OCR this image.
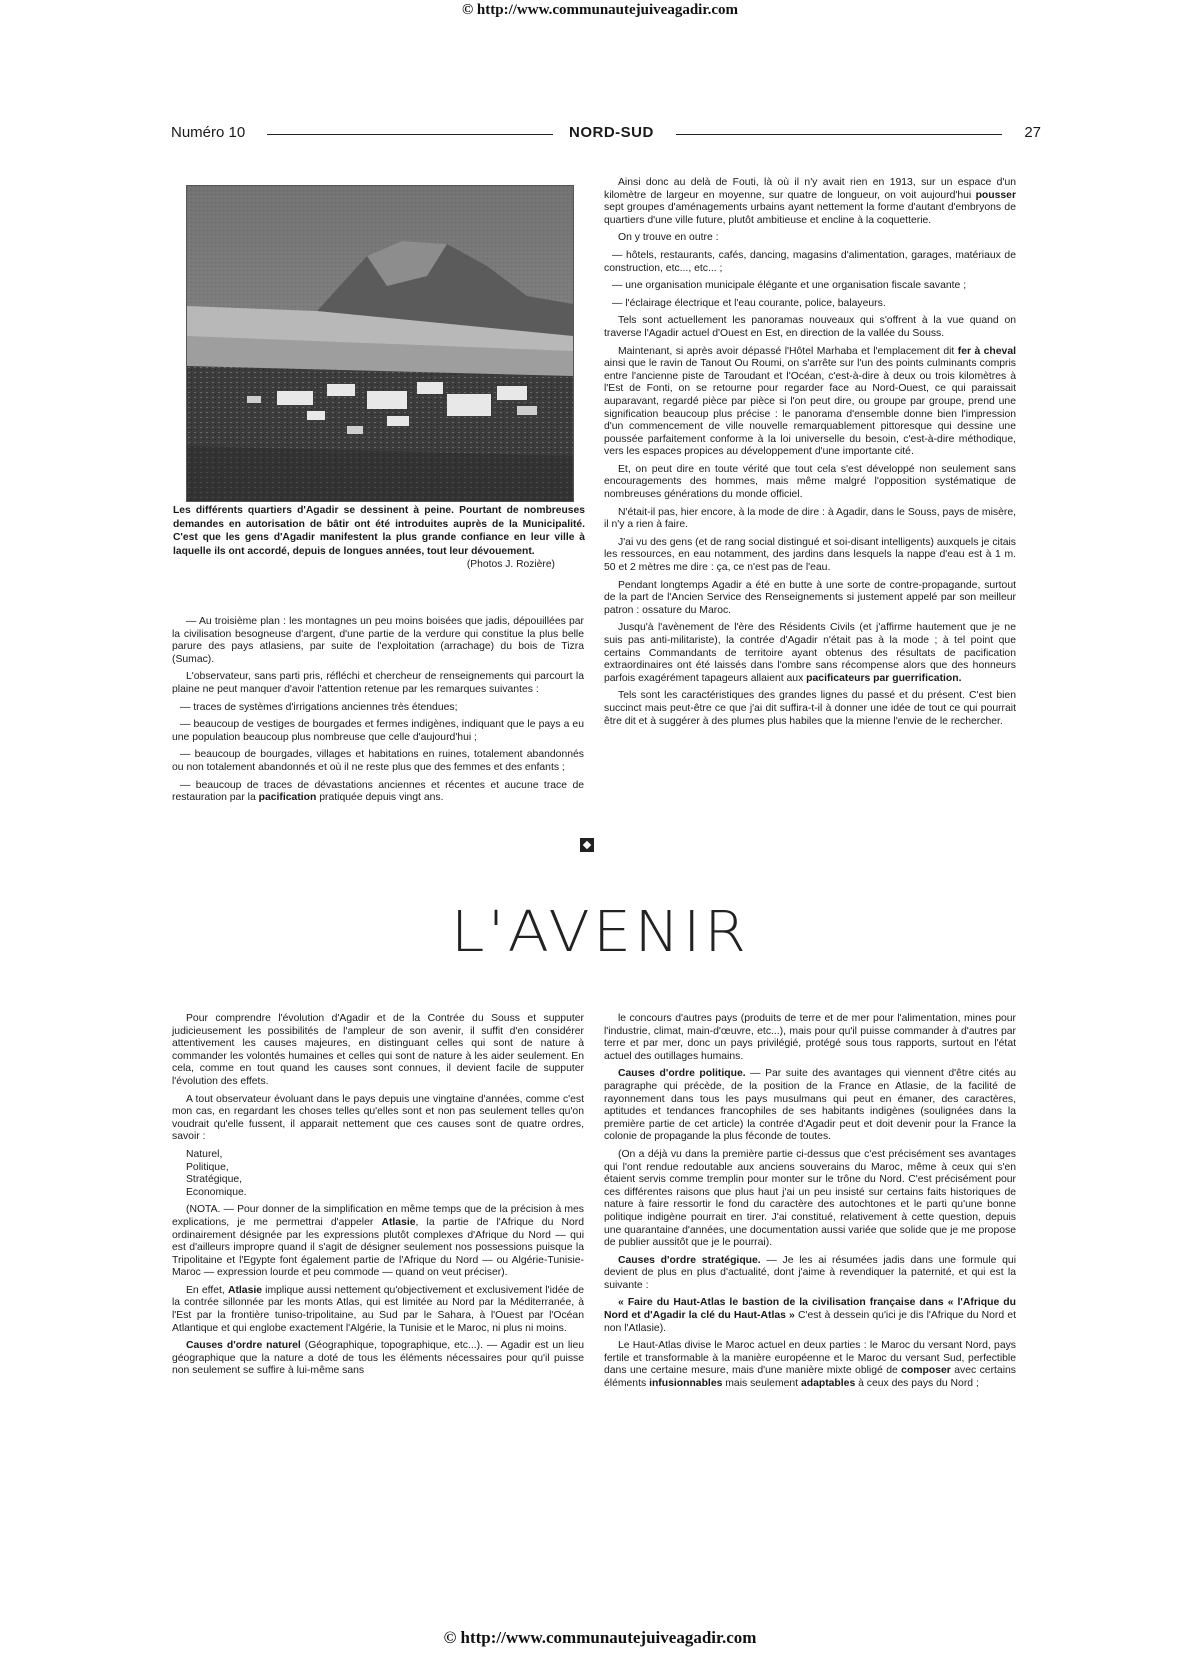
© http://www.communautejuiveagadir.com
Numéro 10	NORD-SUD	27
Les différents quartiers d'Agadir se dessinent à peine. Pourtant de nombreuses demandes en autorisation de bâtir ont été introduites auprès de la Municipalité. C'est que les gens d'Agadir manifestent la plus grande confiance en leur ville à laquelle ils ont accordé, depuis de longues années, tout leur dévouement.
(Photos J. Rozière)

— Au troisième plan : les montagnes un peu moins boisées que jadis, dépouillées par la civilisation besogneuse d'argent, d'une partie de la verdure qui constitue la plus belle parure des pays atlasiens, par suite de l'exploitation (arrachage) du bois de Tizra (Sumac).

L'observateur, sans parti pris, réfléchi et chercheur de renseignements qui parcourt la plaine ne peut manquer d'avoir l'attention retenue par les remarques suivantes :

— traces de systèmes d'irrigations anciennes très étendues;

— beaucoup de vestiges de bourgades et fermes indigènes, indiquant que le pays a eu une population beaucoup plus nombreuse que celle d'aujourd'hui ;

— beaucoup de bourgades, villages et habitations en ruines, totalement abandonnés ou non totalement abandonnés et où il ne reste plus que des femmes et des enfants ;

— beaucoup de traces de dévastations anciennes et récentes et aucune trace de restauration par la pacification pratiquée depuis vingt ans.

Ainsi donc au delà de Fouti, là où il n'y avait rien en 1913, sur un espace d'un kilomètre de largeur en moyenne, sur quatre de longueur, on voit aujourd'hui pousser sept groupes d'aménagements urbains ayant nettement la forme d'autant d'embryons de quartiers d'une ville future, plutôt ambitieuse et encline à la coquetterie.

On y trouve en outre :

— hôtels, restaurants, cafés, dancing, magasins d'alimentation, garages, matériaux de construction, etc..., etc... ;

— une organisation municipale élégante et une organisation fiscale savante ;

— l'éclairage électrique et l'eau courante, police, balayeurs.

Tels sont actuellement les panoramas nouveaux qui s'offrent à la vue quand on traverse l'Agadir actuel d'Ouest en Est, en direction de la vallée du Souss.

Maintenant, si après avoir dépassé l'Hôtel Marhaba et l'emplacement dit fer à cheval ainsi que le ravin de Tanout Ou Roumi, on s'arrête sur l'un des points culminants compris entre l'ancienne piste de Taroudant et l'Océan, c'est-à-dire à deux ou trois kilomètres à l'Est de Fonti, on se retourne pour regarder face au Nord-Ouest, ce qui paraissait auparavant, regardé pièce par pièce si l'on peut dire, ou groupe par groupe, prend une signification beaucoup plus précise : le panorama d'ensemble donne bien l'impression d'un commencement de ville nouvelle remarquablement pittoresque qui dessine une poussée parfaitement conforme à la loi universelle du besoin, c'est-à-dire méthodique, vers les espaces propices au développement d'une importante cité.

Et, on peut dire en toute vérité que tout cela s'est développé non seulement sans encouragements des hommes, mais même malgré l'opposition systématique de nombreuses générations du monde officiel.

N'était-il pas, hier encore, à la mode de dire : à Agadir, dans le Souss, pays de misère, il n'y a rien à faire.

J'ai vu des gens (et de rang social distingué et soi-disant intelligents) auxquels je citais les ressources, en eau notamment, des jardins dans lesquels la nappe d'eau est à 1 m. 50 et 2 mètres me dire : ça, ce n'est pas de l'eau.

Pendant longtemps Agadir a été en butte à une sorte de contre-propagande, surtout de la part de l'Ancien Service des Renseignements si justement appelé par son meilleur patron : ossature du Maroc.

Jusqu'à l'avènement de l'ère des Résidents Civils (et j'affirme hautement que je ne suis pas anti-militariste), la contrée d'Agadir n'était pas à la mode ; à tel point que certains Commandants de territoire ayant obtenus des résultats de pacification extraordinaires ont été laissés dans l'ombre sans récompense alors que des honneurs parfois exagérément tapageurs allaient aux pacificateurs par guerrification.

Tels sont les caractéristiques des grandes lignes du passé et du présent. C'est bien succinct mais peut-être ce que j'ai dit suffira-t-il à donner une idée de tout ce qui pourrait être dit et à suggérer à des plumes plus habiles que la mienne l'envie de le rechercher.

L'AVENIR

Pour comprendre l'évolution d'Agadir et de la Contrée du Souss et supputer judicieusement les possibilités de l'ampleur de son avenir, il suffit d'en considérer attentivement les causes majeures, en distinguant celles qui sont de nature à commander les volontés humaines et celles qui sont de nature à les aider seulement. En cela, comme en tout quand les causes sont connues, il devient facile de supputer l'évolution des effets.

A tout observateur évoluant dans le pays depuis une vingtaine d'années, comme c'est mon cas, en regardant les choses telles qu'elles sont et non pas seulement telles qu'on voudrait qu'elle fussent, il apparait nettement que ces causes sont de quatre ordres, savoir :

Naturel,

Politique,

Stratégique,

Economique.

(NOTA. — Pour donner de la simplification en même temps que de la précision à mes explications, je me permettrai d'appeler Atlasie, la partie de l'Afrique du Nord ordinairement désignée par les expressions plutôt complexes d'Afrique du Nord — qui est d'ailleurs impropre quand il s'agit de désigner seulement nos possessions puisque la Tripolitaine et l'Egypte font également partie de l'Afrique du Nord — ou Algérie-Tunisie-Maroc — expression lourde et peu commode — quand on veut préciser).

En effet, Atlasie implique aussi nettement qu'objectivement et exclusivement l'idée de la contrée sillonnée par les monts Atlas, qui est limitée au Nord par la Méditerranée, à l'Est par la frontière tuniso-tripolitaine, au Sud par le Sahara, à l'Ouest par l'Océan Atlantique et qui englobe exactement l'Algérie, la Tunisie et le Maroc, ni plus ni moins.

Causes d'ordre naturel (Géographique, topographique, etc...). — Agadir est un lieu géographique que la nature a doté de tous les éléments nécessaires pour qu'il puisse non seulement se suffire à lui-même sans

le concours d'autres pays (produits de terre et de mer pour l'alimentation, mines pour l'industrie, climat, main-d'œuvre, etc...), mais pour qu'il puisse commander à d'autres par terre et par mer, donc un pays privilégié, protégé sous tous rapports, surtout en l'état actuel des outillages humains.

Causes d'ordre politique. — Par suite des avantages qui viennent d'être cités au paragraphe qui précède, de la position de la France en Atlasie, de la facilité de rayonnement dans tous les pays musulmans qui peut en émaner, des caractères, aptitudes et tendances francophiles de ses habitants indigènes (soulignées dans la première partie de cet article) la contrée d'Agadir peut et doit devenir pour la France la colonie de propagande la plus féconde de toutes.

(On a déjà vu dans la première partie ci-dessus que c'est précisément ses avantages qui l'ont rendue redoutable aux anciens souverains du Maroc, même à ceux qui s'en étaient servis comme tremplin pour monter sur le trône du Nord. C'est précisément pour ces différentes raisons que plus haut j'ai un peu insisté sur certains faits historiques de nature à faire ressortir le fond du caractère des autochtones et le parti qu'une bonne politique indigène pourrait en tirer. J'ai constitué, relativement à cette question, depuis une quarantaine d'années, une documentation aussi variée que solide que je me propose de publier aussitôt que je le pourrai).

Causes d'ordre stratégique. — Je les ai résumées jadis dans une formule qui devient de plus en plus d'actualité, dont j'aime à revendiquer la paternité, et qui est la suivante :

« Faire du Haut-Atlas le bastion de la civilisation française dans « l'Afrique du Nord et d'Agadir la clé du Haut-Atlas » C'est à dessein qu'ici je dis l'Afrique du Nord et non l'Atlasie).

Le Haut-Atlas divise le Maroc actuel en deux parties : le Maroc du versant Nord, pays fertile et transformable à la manière européenne et le Maroc du versant Sud, perfectible dans une certaine mesure, mais d'une manière mixte obligé de composer avec certains éléments infusionnables mais seulement adaptables à ceux des pays du Nord ;

© http://www.communautejuiveagadir.com
